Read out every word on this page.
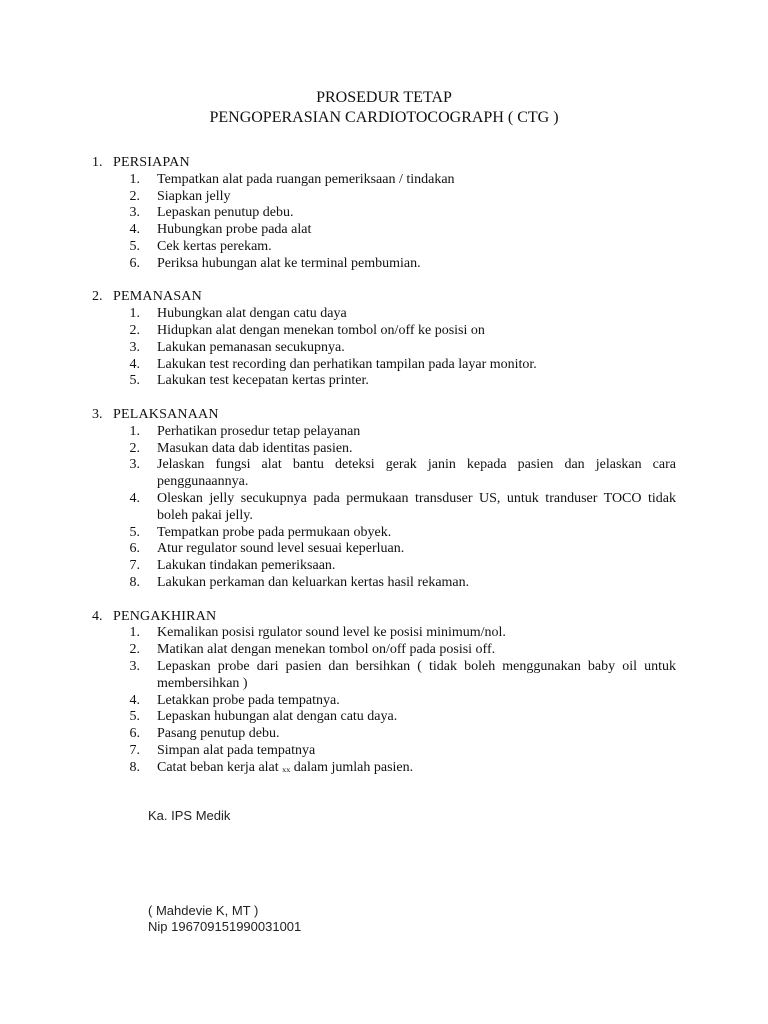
PROSEDUR TETAP
PENGOPERASIAN CARDIOTOCOGRAPH ( CTG )
1. PERSIAPAN
1. Tempatkan alat pada ruangan pemeriksaan / tindakan
2. Siapkan jelly
3. Lepaskan penutup debu.
4. Hubungkan probe pada alat
5. Cek kertas perekam.
6. Periksa hubungan alat ke terminal pembumian.
2. PEMANASAN
1. Hubungkan alat dengan catu daya
2. Hidupkan alat dengan menekan tombol on/off ke posisi on
3. Lakukan pemanasan secukupnya.
4. Lakukan test recording dan perhatikan tampilan pada layar monitor.
5. Lakukan test kecepatan kertas printer.
3. PELAKSANAAN
1. Perhatikan prosedur tetap pelayanan
2. Masukan data dab identitas pasien.
3. Jelaskan fungsi alat bantu deteksi gerak janin kepada pasien dan jelaskan cara penggunaannya.
4. Oleskan jelly secukupnya pada permukaan transduser US, untuk tranduser TOCO tidak boleh pakai jelly.
5. Tempatkan probe pada permukaan obyek.
6. Atur regulator sound level sesuai keperluan.
7. Lakukan tindakan pemeriksaan.
8. Lakukan perkaman dan keluarkan kertas hasil rekaman.
4. PENGAKHIRAN
1. Kemalikan posisi rgulator sound level ke posisi minimum/nol.
2. Matikan alat dengan menekan tombol on/off pada posisi off.
3. Lepaskan probe dari pasien dan bersihkan ( tidak boleh menggunakan baby oil untuk membersihkan )
4. Letakkan probe pada tempatnya.
5. Lepaskan hubungan alat dengan catu daya.
6. Pasang penutup debu.
7. Simpan alat pada tempatnya
8. Catat beban kerja alat ₓₓ dalam jumlah pasien.
Ka. IPS Medik
( Mahdevie K, MT )
Nip 196709151990031001
